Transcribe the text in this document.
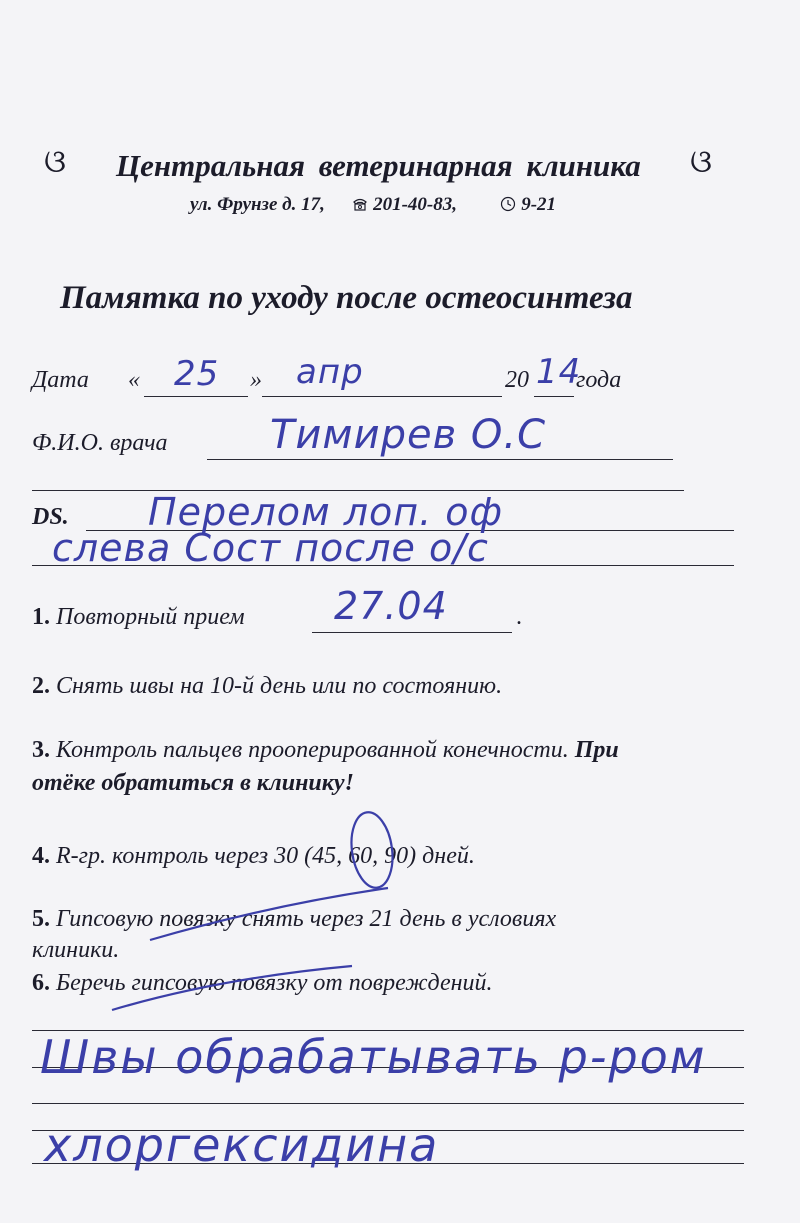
ଓ Центральная ветеринарная клиника ଓ
ул. Фрунзе д. 17,	201-40-83,	9-21
Памятка по уходу после остеосинтеза
Дата « 25 » апр	20 14
года
Ф.И.О. врача	Тимирев О.С
DS. Перелом лоп. оф
слева Сост после о/с
1. Повторный прием	.
27.04
2. Снять швы на 10-й день или по состоянию.
3. Контроль пальцев прооперированной конечности. При
отёке обратиться в клинику!
4. R-гр. контроль через 30 (45, 60, 90) дней.
5. Гипсовую повязку снять через 21 день в условиях
клиники.
6. Беречь гипсовую повязку от повреждений.
Швы обрабатывать р-ром
хлоргексидина
